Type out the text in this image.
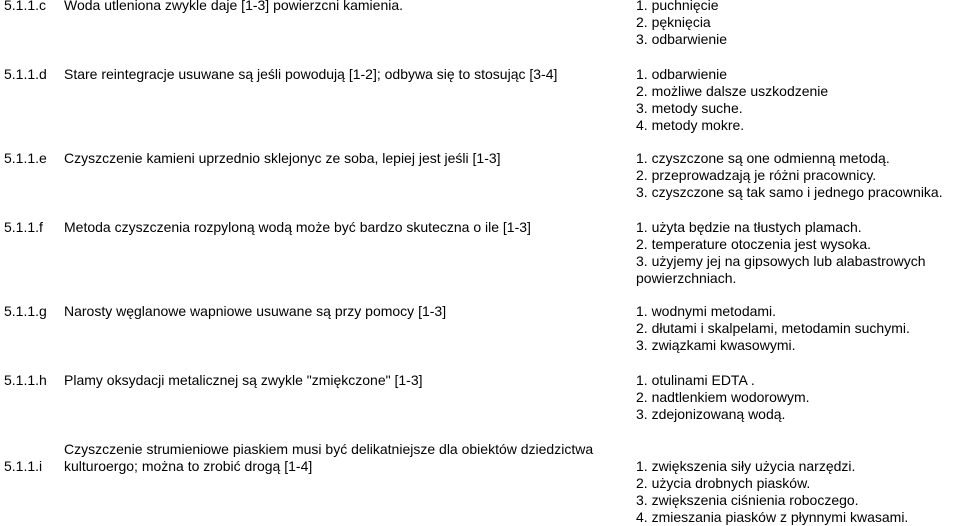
5.1.1.c Woda utleniona zwykle daje [1-3] powierzcni kamienia.	1. puchnięcie
2. pęknięcia
3. odbarwienie
5.1.1.d Stare reintegracje usuwane są jeśli powodują [1-2]; odbywa się to stosując [3-4]	1. odbarwienie
2. możliwe dalsze uszkodzenie
3. metody suche.
4. metody mokre.
5.1.1.e Czyszczenie kamieni uprzednio sklejonyc ze soba, lepiej jest jeśli [1-3]	1. czyszczone są one odmienną metodą.
2. przeprowadzają je różni pracownicy.
3. czyszczone są tak samo i jednego pracownika.
5.1.1.f Metoda czyszczenia rozpyloną wodą może być bardzo skuteczna o ile [1-3]	1. użyta będzie na tłustych plamach.
2. temperature otoczenia jest wysoka.
3. użyjemy jej na gipsowych lub alabastrowych powierzchniach.
5.1.1.g Narosty węglanowe wapniowe usuwane są przy pomocy [1-3]	1. wodnymi metodami.
2. dłutami i skalpelami, metodamin suchymi.
3. związkami kwasowymi.
5.1.1.h Plamy oksydacji metalicznej są zwykle "zmiękczone" [1-3]	1. otulinami EDTA .
2. nadtlenkiem wodorowym.
3. zdejonizowaną wodą.
5.1.1.i
Czyszczenie strumieniowe piaskiem musi być delikatniejsze dla obiektów dziedzictwa kulturoergo; można to zrobić drogą [1-4]	1. zwiększenia siły użycia narzędzi.
2. użycia drobnych piasków.
3. zwiększenia ciśnienia roboczego.
4. zmieszania piasków z płynnymi kwasami.
